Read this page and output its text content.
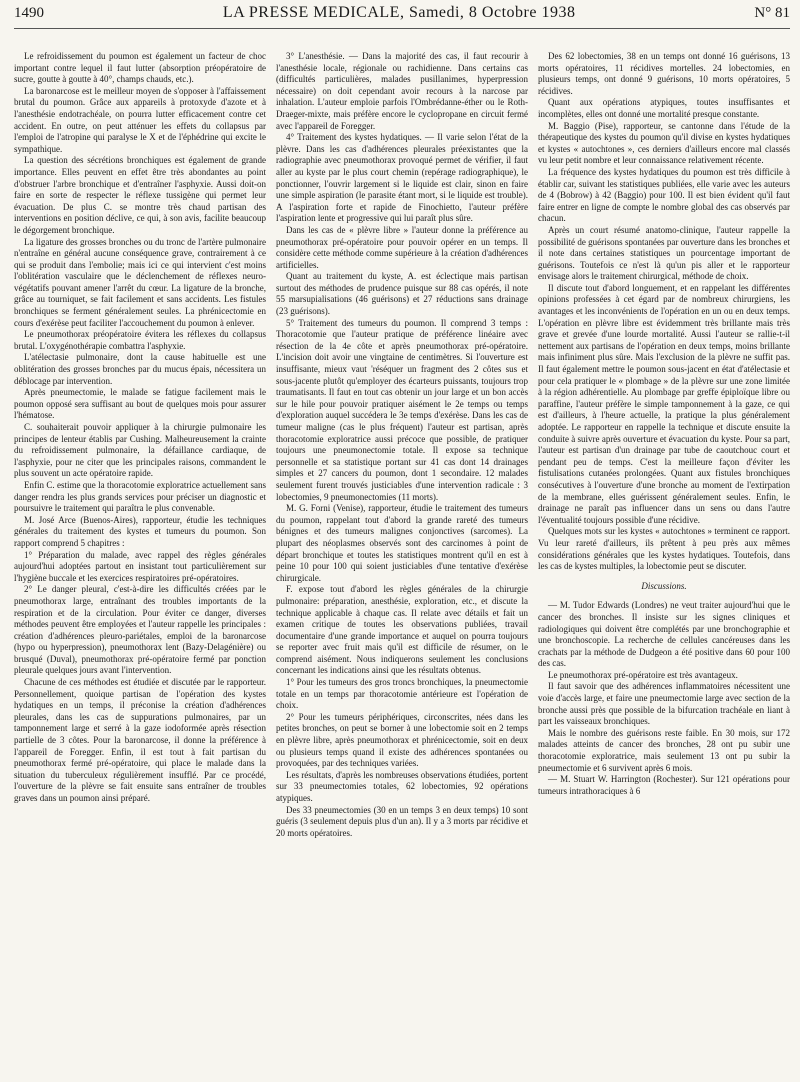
1490	LA PRESSE MEDICALE, Samedi, 8 Octobre 1938	N° 81

Le refroidissement du poumon est également un facteur de choc important contre lequel il faut lutter (absorption préopératoire de sucre, goutte à goutte à 40°, champs chauds, etc.).

La baronarcose est le meilleur moyen de s'opposer à l'affaissement brutal du poumon. Grâce aux appareils à protoxyde d'azote et à l'anesthésie endotrachéale, on pourra lutter efficacement contre cet accident. En outre, on peut atténuer les effets du collapsus par l'emploi de l'atropine qui paralyse le X et de l'éphédrine qui excite le sympathique.

La question des sécrétions bronchiques est également de grande importance. Elles peuvent en effet être très abondantes au point d'obstruer l'arbre bronchique et d'entraîner l'asphyxie. Aussi doit-on faire en sorte de respecter le réflexe tussigène qui permet leur évacuation. De plus C. se montre très chaud partisan des interventions en position déclive, ce qui, à son avis, facilite beaucoup le dégorgement bronchique.

La ligature des grosses bronches ou du tronc de l'artère pulmonaire n'entraîne en général aucune conséquence grave, contrairement à ce qui se produit dans l'embolie; mais ici ce qui intervient c'est moins l'oblitération vasculaire que le déclenchement de réflexes neuro-végétatifs pouvant amener l'arrêt du cœur. La ligature de la bronche, grâce au tourniquet, se fait facilement et sans accidents. Les fistules bronchiques se ferment généralement seules. La phrénicectomie en cours d'exérèse peut faciliter l'accouchement du poumon à enlever.

Le pneumothorax préopératoire évitera les réflexes du collapsus brutal. L'oxygénothérapie combattra l'asphyxie.

L'atélectasie pulmonaire, dont la cause habituelle est une oblitération des grosses bronches par du mucus épais, nécessitera un déblocage par intervention.

Après pneumectomie, le malade se fatigue facilement mais le poumon opposé sera suffisant au bout de quelques mois pour assurer l'hématose.

C. souhaiterait pouvoir appliquer à la chirurgie pulmonaire les principes de lenteur établis par Cushing. Malheureusement la crainte du refroidissement pulmonaire, la défaillance cardiaque, de l'asphyxie, pour ne citer que les principales raisons, commandent le plus souvent un acte opératoire rapide.

Enfin C. estime que la thoracotomie exploratrice actuellement sans danger rendra les plus grands services pour préciser un diagnostic et poursuivre le traitement qui paraîtra le plus convenable.

M. José Arce (Buenos-Aires), rapporteur, étudie les techniques générales du traitement des kystes et tumeurs du poumon. Son rapport comprend 5 chapitres :

1° Préparation du malade, avec rappel des règles générales aujourd'hui adoptées partout en insistant tout particulièrement sur l'hygiène buccale et les exercices respiratoires pré-opératoires.

2° Le danger pleural, c'est-à-dire les difficultés créées par le pneumothorax large, entraînant des troubles importants de la respiration et de la circulation. Pour éviter ce danger, diverses méthodes peuvent être employées et l'auteur rappelle les principales : création d'adhérences pleuro-pariétales, emploi de la baronarcose (hypo ou hyperpression), pneumothorax lent (Bazy-Delagénière) ou brusqué (Duval), pneumothorax pré-opératoire fermé par ponction pleurale quelques jours avant l'intervention.

Chacune de ces méthodes est étudiée et discutée par le rapporteur. Personnellement, quoique partisan de l'opération des kystes hydatiques en un temps, il préconise la création d'adhérences pleurales, dans les cas de suppurations pulmonaires, par un tamponnement large et serré à la gaze iodoformée après résection partielle de 3 côtes. Pour la baronarcose, il donne la préférence à l'appareil de Foregger. Enfin, il est tout à fait partisan du pneumothorax fermé pré-opératoire, qui place le malade dans la situation du tuberculeux régulièrement insufflé. Par ce procédé, l'ouverture de la plèvre se fait ensuite sans entraîner de troubles graves dans un poumon ainsi préparé.

3° L'anesthésie. — Dans la majorité des cas, il faut recourir à l'anesthésie locale, régionale ou rachidienne. Dans certains cas (difficultés particulières, malades pusillanimes, hyperpression nécessaire) on doit cependant avoir recours à la narcose par inhalation. L'auteur emploie parfois l'Ombrédanne-éther ou le Roth-Draeger-mixte, mais préfère encore le cyclopropane en circuit fermé avec l'appareil de Foregger.

4° Traitement des kystes hydatiques. — Il varie selon l'état de la plèvre. Dans les cas d'adhérences pleurales préexistantes que la radiographie avec pneumothorax provoqué permet de vérifier, il faut aller au kyste par le plus court chemin (repérage radiographique), le ponctionner, l'ouvrir largement si le liquide est clair, sinon en faire une simple aspiration (le parasite étant mort, si le liquide est trouble). A l'aspiration forte et rapide de Finochietto, l'auteur préfère l'aspiration lente et progressive qui lui paraît plus sûre.

Dans les cas de « plèvre libre » l'auteur donne la préférence au pneumothorax pré-opératoire pour pouvoir opérer en un temps. Il considère cette méthode comme supérieure à la création d'adhérences artificielles.

Quant au traitement du kyste, A. est éclectique mais partisan surtout des méthodes de prudence puisque sur 88 cas opérés, il note 55 marsupialisations (46 guérisons) et 27 réductions sans drainage (23 guérisons).

5° Traitement des tumeurs du poumon. Il comprend 3 temps : Thoracotomie que l'auteur pratique de préférence linéaire avec résection de la 4e côte et après pneumothorax pré-opératoire. L'incision doit avoir une vingtaine de centimètres. Si l'ouverture est insuffisante, mieux vaut 'réséquer un fragment des 2 côtes sus et sous-jacente plutôt qu'employer des écarteurs puissants, toujours trop traumatisants. Il faut en tout cas obtenir un jour large et un bon accès sur le hile pour pouvoir pratiquer aisément le 2e temps ou temps d'exploration auquel succédera le 3e temps d'exérèse. Dans les cas de tumeur maligne (cas le plus fréquent) l'auteur est partisan, après thoracotomie exploratrice aussi précoce que possible, de pratiquer toujours une pneumonectomie totale. Il expose sa technique personnelle et sa statistique portant sur 41 cas dont 14 drainages simples et 27 cancers du poumon, dont 1 secondaire. 12 malades seulement furent trouvés justiciables d'une intervention radicale : 3 lobectomies, 9 pneumonectomies (11 morts).

M. G. Forni (Venise), rapporteur, étudie le traitement des tumeurs du poumon, rappelant tout d'abord la grande rareté des tumeurs bénignes et des tumeurs malignes conjonctives (sarcomes). La plupart des néoplasmes observés sont des carcinomes à point de départ bronchique et toutes les statistiques montrent qu'il en est à peine 10 pour 100 qui soient justiciables d'une tentative d'exérèse chirurgicale.

F. expose tout d'abord les règles générales de la chirurgie pulmonaire: préparation, anesthésie, exploration, etc., et discute la technique applicable à chaque cas. Il relate avec détails et fait un examen critique de toutes les observations publiées, travail documentaire d'une grande importance et auquel on pourra toujours se reporter avec fruit mais qu'il est difficile de résumer, on le comprend aisément. Nous indiquerons seulement les conclusions concernant les indications ainsi que les résultats obtenus.

1° Pour les tumeurs des gros troncs bronchiques, la pneumectomie totale en un temps par thoracotomie antérieure est l'opération de choix.

2° Pour les tumeurs périphériques, circonscrites, nées dans les petites bronches, on peut se borner à une lobectomie soit en 2 temps en plèvre libre, après pneumothorax et phrénicectomie, soit en deux ou plusieurs temps quand il existe des adhérences spontanées ou provoquées, par des techniques variées.

Les résultats, d'après les nombreuses observations étudiées, portent sur 33 pneumectomies totales, 62 lobectomies, 92 opérations atypiques.

Des 33 pneumectomies (30 en un temps 3 en deux temps) 10 sont guéris (3 seulement depuis plus d'un an). Il y a 3 morts par récidive et 20 morts opératoires.

Des 62 lobectomies, 38 en un temps ont donné 16 guérisons, 13 morts opératoires, 11 récidives mortelles. 24 lobectomies, en plusieurs temps, ont donné 9 guérisons, 10 morts opératoires, 5 récidives.

Quant aux opérations atypiques, toutes insuffisantes et incomplètes, elles ont donné une mortalité presque constante.

M. Baggio (Pise), rapporteur, se cantonne dans l'étude de la thérapeutique des kystes du poumon qu'il divise en kystes hydatiques et kystes « autochtones », ces derniers d'ailleurs encore mal classés vu leur petit nombre et leur connaissance relativement récente.

La fréquence des kystes hydatiques du poumon est très difficile à établir car, suivant les statistiques publiées, elle varie avec les auteurs de 4 (Bobrow) à 42 (Baggio) pour 100. Il est bien évident qu'il faut faire entrer en ligne de compte le nombre global des cas observés par chacun.

Après un court résumé anatomo-clinique, l'auteur rappelle la possibilité de guérisons spontanées par ouverture dans les bronches et il note dans certaines statistiques un pourcentage important de guérisons. Toutefois ce n'est là qu'un pis aller et le rapporteur envisage alors le traitement chirurgical, méthode de choix.

Il discute tout d'abord longuement, et en rappelant les différentes opinions professées à cet égard par de nombreux chirurgiens, les avantages et les inconvénients de l'opération en un ou en deux temps. L'opération en plèvre libre est évidemment très brillante mais très grave et grevée d'une lourde mortalité. Aussi l'auteur se rallie-t-il nettement aux partisans de l'opération en deux temps, moins brillante mais infiniment plus sûre. Mais l'exclusion de la plèvre ne suffit pas. Il faut également mettre le poumon sous-jacent en état d'atélectasie et pour cela pratiquer le « plombage » de la plèvre sur une zone limitée à la région adhérentielle. Au plombage par greffe épiploïque libre ou paraffine, l'auteur préfère le simple tamponnement à la gaze, ce qui est d'ailleurs, à l'heure actuelle, la pratique la plus généralement adoptée. Le rapporteur en rappelle la technique et discute ensuite la conduite à suivre après ouverture et évacuation du kyste. Pour sa part, l'auteur est partisan d'un drainage par tube de caoutchouc court et pendant peu de temps. C'est la meilleure façon d'éviter les fistulisations cutanées prolongées. Quant aux fistules bronchiques consécutives à l'ouverture d'une bronche au moment de l'extirpation de la membrane, elles guérissent généralement seules. Enfin, le drainage ne paraît pas influencer dans un sens ou dans l'autre l'éventualité toujours possible d'une récidive.

Quelques mots sur les kystes « autochtones » terminent ce rapport. Vu leur rareté d'ailleurs, ils prêtent à peu près aux mêmes considérations générales que les kystes hydatiques. Toutefois, dans les cas de kystes multiples, la lobectomie peut se discuter.

Discussions.

— M. Tudor Edwards (Londres) ne veut traiter aujourd'hui que le cancer des bronches. Il insiste sur les signes cliniques et radiologiques qui doivent être complétés par une bronchographie et une bronchoscopie. La recherche de cellules cancéreuses dans les crachats par la méthode de Dudgeon a été positive dans 60 pour 100 des cas.

Le pneumothorax pré-opératoire est très avantageux.

Il faut savoir que des adhérences inflammatoires nécessitent une voie d'accès large, et faire une pneumectomie large avec section de la bronche aussi près que possible de la bifurcation trachéale en liant à part les vaisseaux bronchiques.

Mais le nombre des guérisons reste faible. En 30 mois, sur 172 malades atteints de cancer des bronches, 28 ont pu subir une thoracotomie exploratrice, mais seulement 13 ont pu subir la pneumectomie et 6 survivent après 6 mois.

— M. Stuart W. Harrington (Rochester). Sur 121 opérations pour tumeurs intrathoraciques à 6
